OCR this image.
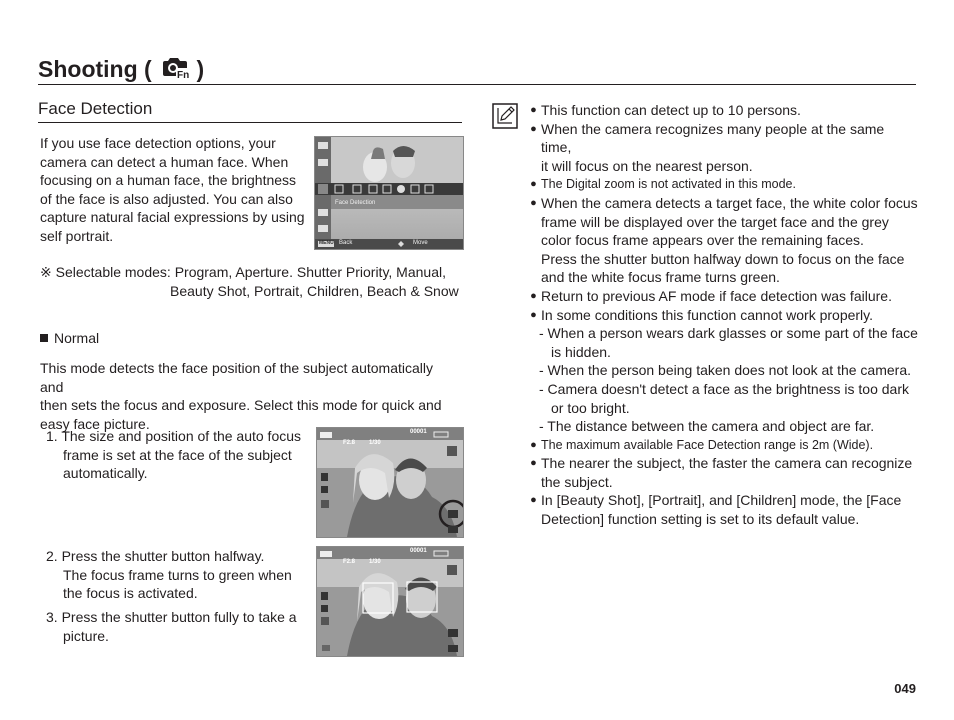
Shooting (	Fn )
Face Detection
If you use face detection options, your
camera can detect a human face. When
focusing on a human face, the brightness
of the face is also adjusted. You can also
capture natural facial expressions by using
self portrait.
Face Detection
MENU Back	Move
※ Selectable modes: Program, Aperture. Shutter Priority, Manual,
Beauty Shot, Portrait, Children, Beach & Snow
Normal
This mode detects the face position of the subject automatically and
then sets the focus and exposure. Select this mode for quick and
easy face picture.
1. The size and position of the auto focus
frame is set at the face of the subject
automatically.
2. Press the shutter button halfway.
The focus frame turns to green when
the focus is activated.
3. Press the shutter button fully to take a
picture.
00001
F2.8 1/30
00001
F2.8 1/30
● This function can detect up to 10 persons.
● When the camera recognizes many people at the same time,
it will focus on the nearest person.
● The Digital zoom is not activated in this mode.
● When the camera detects a target face, the white color focus
frame will be displayed over the target face and the grey
color focus frame appears over the remaining faces.
Press the shutter button halfway down to focus on the face
and the white focus frame turns green.
● Return to previous AF mode if face detection was failure.
● In some conditions this function cannot work properly.
- When a person wears dark glasses or some part of the face
is hidden.
- When the person being taken does not look at the camera.
- Camera doesn't detect a face as the brightness is too dark
or too bright.
- The distance between the camera and object are far.
● The maximum available Face Detection range is 2m (Wide).
● The nearer the subject, the faster the camera can recognize
the subject.
● In [Beauty Shot], [Portrait], and [Children] mode, the [Face
Detection] function setting is set to its default value.
049
